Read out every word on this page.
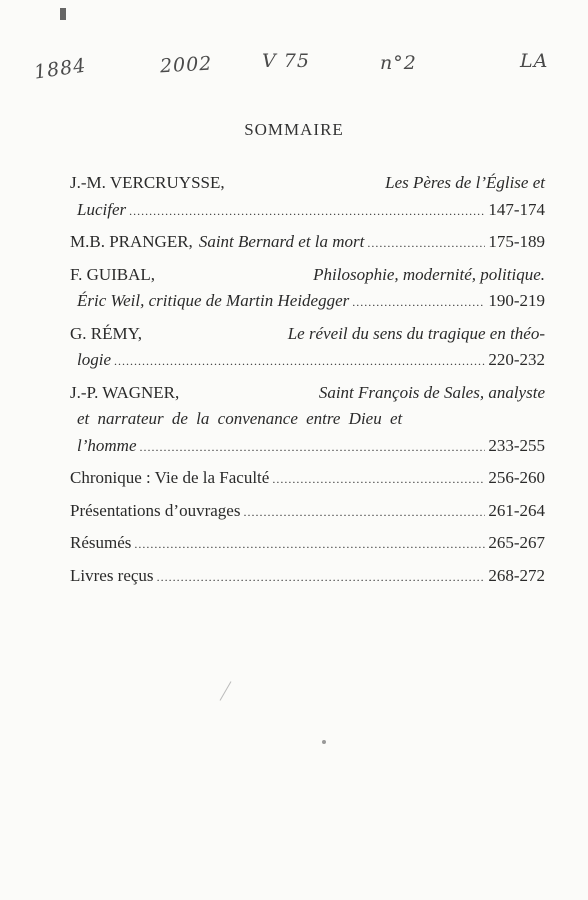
1884	2002	V 75	n°2	LA
SOMMAIRE
J.-M. VERCRUYSSE,	Les Pères de l’Église et
Lucifer .....	147-174
M.B. PRANGER, Saint Bernard et la mort .....	175-189
F. GUIBAL,	Philosophie, modernité, politique.
Éric Weil, critique de Martin Heidegger .....	190-219
G. RÉMY,	Le réveil du sens du tragique en théo-
logie .....	220-232
J.-P. WAGNER,	Saint François de Sales, analyste
et narrateur de la convenance entre Dieu et
l’homme .....	233-255
Chronique : Vie de la Faculté .....	256-260
Présentations d’ouvrages .....	261-264
Résumés .....	265-267
Livres reçus .....	268-272
